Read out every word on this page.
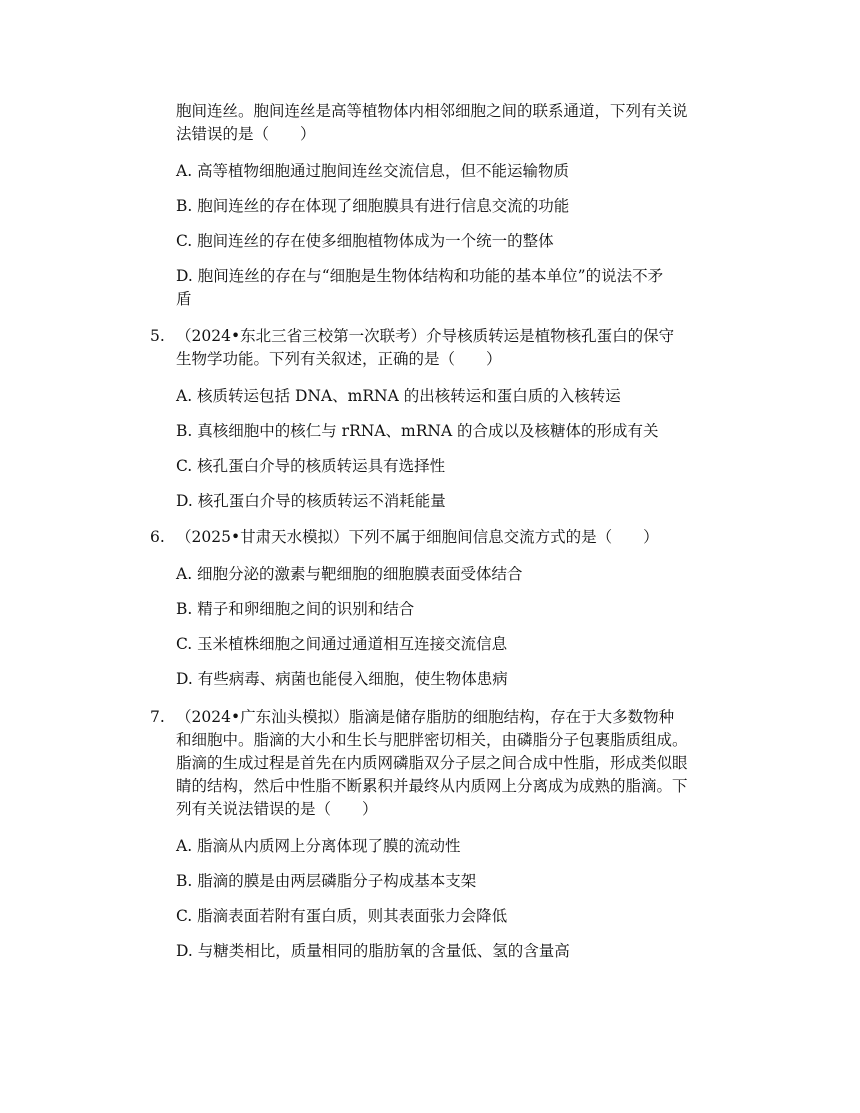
胞间连丝。胞间连丝是高等植物体内相邻细胞之间的联系通道，下列有关说
法错误的是（　　）
A. 高等植物细胞通过胞间连丝交流信息，但不能运输物质
B. 胞间连丝的存在体现了细胞膜具有进行信息交流的功能
C. 胞间连丝的存在使多细胞植物体成为一个统一的整体
D. 胞间连丝的存在与“细胞是生物体结构和功能的基本单位”的说法不矛
盾
5. （2024•东北三省三校第一次联考）介导核质转运是植物核孔蛋白的保守
生物学功能。下列有关叙述，正确的是（　　）
A. 核质转运包括 DNA、mRNA 的出核转运和蛋白质的入核转运
B. 真核细胞中的核仁与 rRNA、mRNA 的合成以及核糖体的形成有关
C. 核孔蛋白介导的核质转运具有选择性
D. 核孔蛋白介导的核质转运不消耗能量
6. （2025•甘肃天水模拟）下列不属于细胞间信息交流方式的是（　　）
A. 细胞分泌的激素与靶细胞的细胞膜表面受体结合
B. 精子和卵细胞之间的识别和结合
C. 玉米植株细胞之间通过通道相互连接交流信息
D. 有些病毒、病菌也能侵入细胞，使生物体患病
7. （2024•广东汕头模拟）脂滴是储存脂肪的细胞结构，存在于大多数物种
和细胞中。脂滴的大小和生长与肥胖密切相关，由磷脂分子包裹脂质组成。
脂滴的生成过程是首先在内质网磷脂双分子层之间合成中性脂，形成类似眼
睛的结构，然后中性脂不断累积并最终从内质网上分离成为成熟的脂滴。下
列有关说法错误的是（　　）
A. 脂滴从内质网上分离体现了膜的流动性
B. 脂滴的膜是由两层磷脂分子构成基本支架
C. 脂滴表面若附有蛋白质，则其表面张力会降低
D. 与糖类相比，质量相同的脂肪氧的含量低、氢的含量高
